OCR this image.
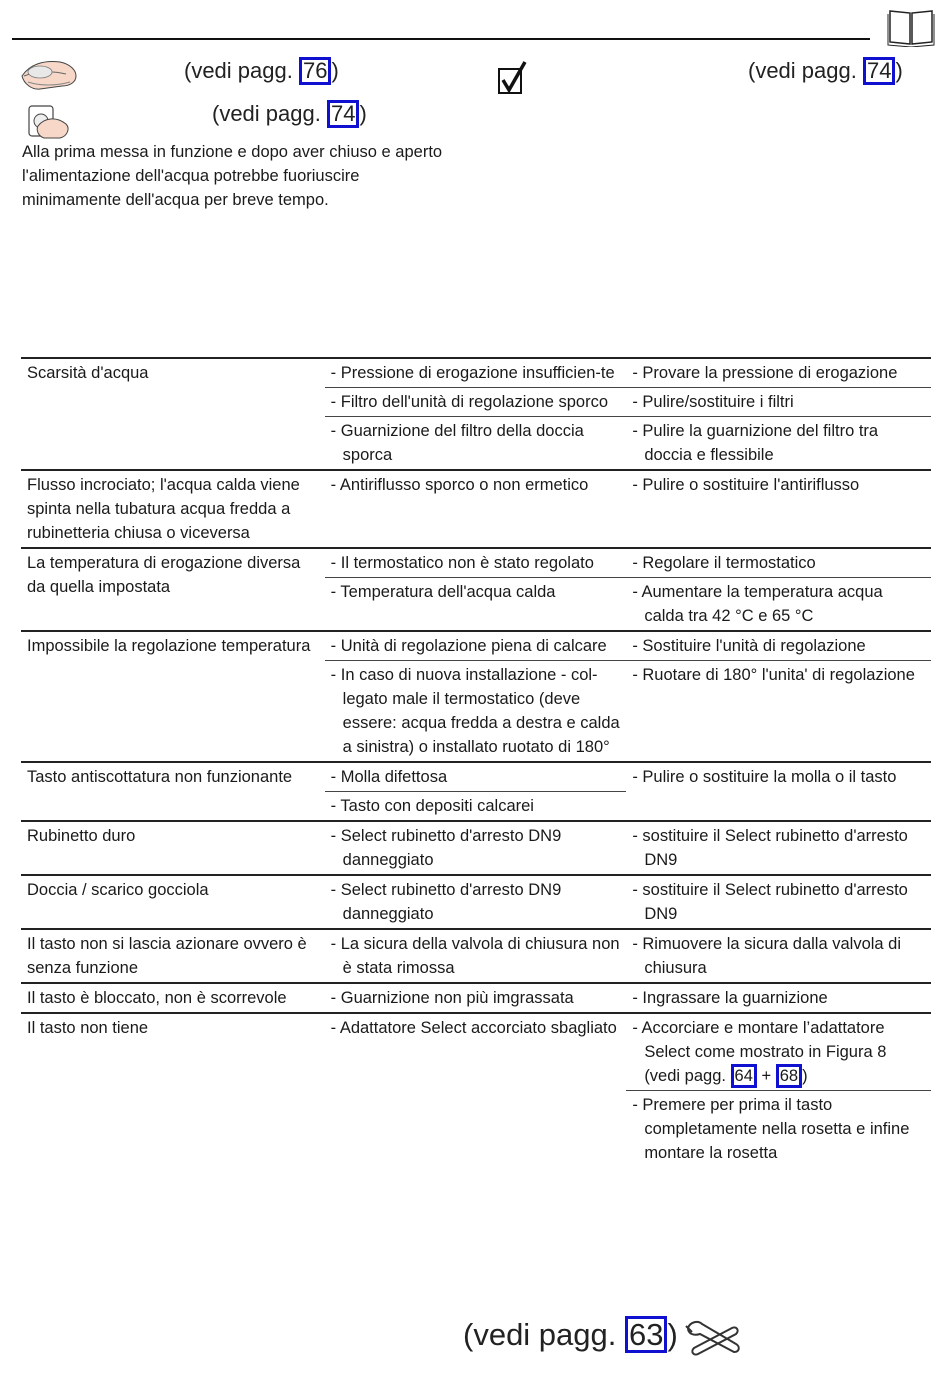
(vedi pagg. 76 )
(vedi pagg. 74 )
(vedi pagg. 74 )
Alla prima messa in funzione e dopo aver chiuso e aperto l'alimentazione dell'acqua potrebbe fuoriuscire minimamente dell'acqua per breve tempo.
Scarsità d'acqua	- Pressione di erogazione insufficien-te	- Provare la pressione di erogazione

	- Filtro dell'unità di regolazione sporco	- Pulire/sostituire i filtri

	- Guarnizione del filtro della doccia sporca	- Pulire la guarnizione del filtro tra doccia e flessibile

Flusso incrociato; l'acqua calda viene spinta nella tubatura acqua fredda a rubinetteria chiusa o viceversa	- Antiriflusso sporco o non ermetico	- Pulire o sostituire l'antiriflusso

La temperatura di erogazione diversa da quella impostata	- Il termostatico non è stato regolato	- Regolare il termostatico

	- Temperatura dell'acqua calda	- Aumentare la temperatura acqua calda tra 42 °C e 65 °C

Impossibile la regolazione temperatura	- Unità di regolazione piena di calcare	- Sostituire l'unità di regolazione

	- In caso di nuova installazione - col-legato male il termostatico (deve essere: acqua fredda a destra e calda a sinistra) o installato ruotato di 180°	- Ruotare di 180° l'unita' di regolazione

Tasto antiscottatura non funzionante	- Molla difettosa	- Pulire o sostituire la molla o il tasto

	- Tasto con depositi calcarei	

Rubinetto duro	- Select rubinetto d'arresto DN9 danneggiato	- sostituire il Select rubinetto d'arresto DN9

Doccia / scarico gocciola	- Select rubinetto d'arresto DN9 danneggiato	- sostituire il Select rubinetto d'arresto DN9

Il tasto non si lascia azionare ovvero è senza funzione	- La sicura della valvola di chiusura non è stata rimossa	- Rimuovere la sicura dalla valvola di chiusura

Il tasto è bloccato, non è scorrevole	- Guarnizione non più imgrassata	- Ingrassare la guarnizione

Il tasto non tiene	- Adattatore Select accorciato sbagliato	- Accorciare e montare l’adattatore Select come mostrato in Figura 8 (vedi pagg. 64 + 68 )

		- Premere per prima il tasto completamente nella rosetta e infine montare la rosetta
(vedi pagg. 63 )
